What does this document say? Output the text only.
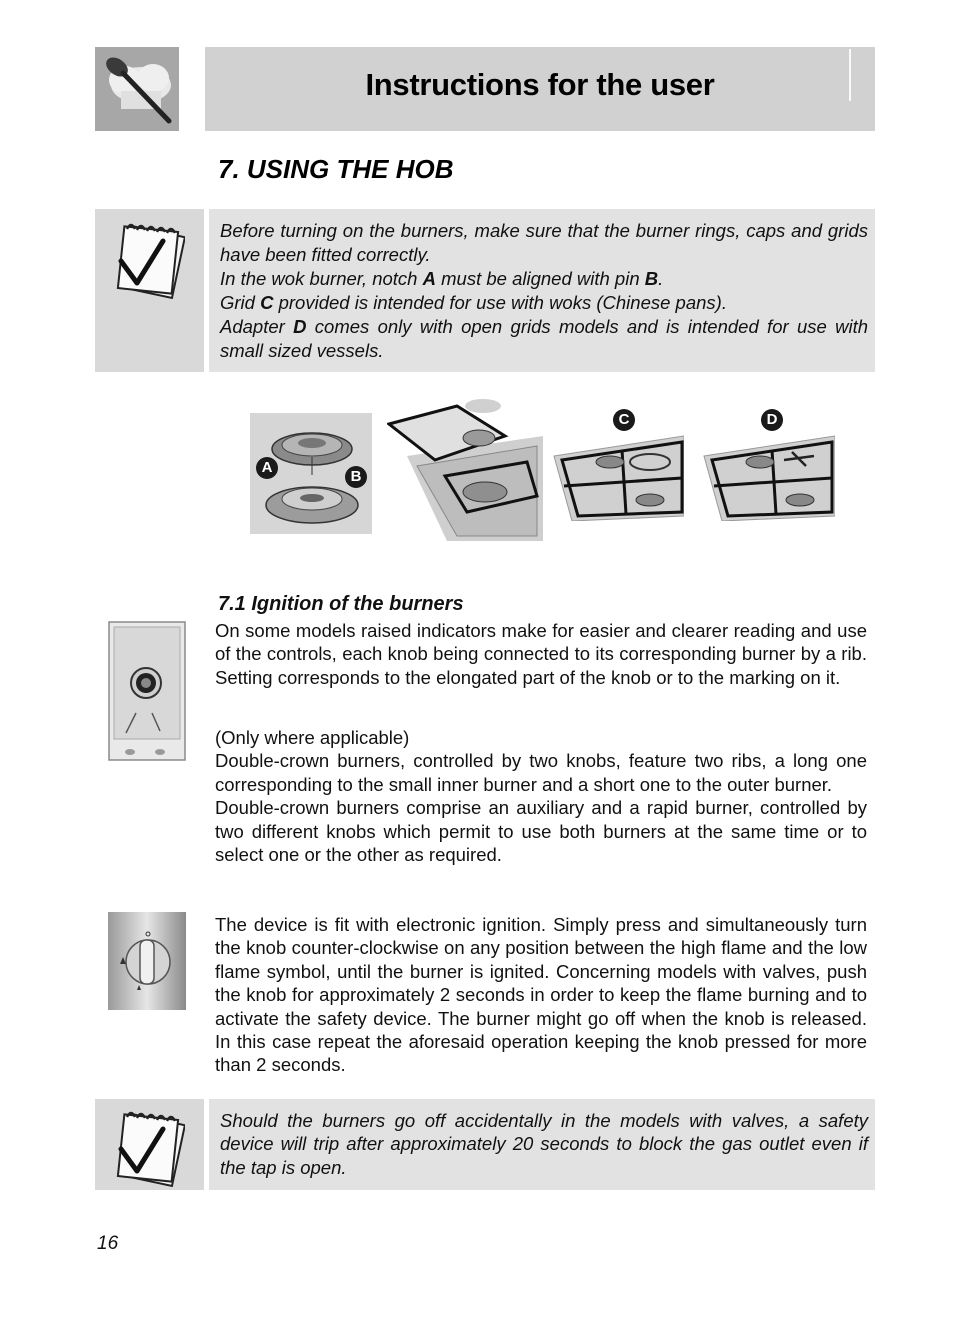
Instructions for the user
7. USING THE HOB

Before turning on the burners, make sure that the burner rings, caps and grids have been fitted correctly.

In the wok burner, notch A must be aligned with pin B.

Grid C provided is intended for use with woks (Chinese pans).

Adapter D comes only with open grids models and is intended for use with small sized vessels.

A
B
C	D
7.1 Ignition of the burners

On some models raised indicators make for easier and clearer reading and use of the controls, each knob being connected to its corresponding burner by a rib. Setting corresponds to the elongated part of the knob or to the marking on it.

(Only where applicable)

Double-crown burners, controlled by two knobs, feature two ribs, a long one corresponding to the small inner burner and a short one to the outer burner.

Double-crown burners comprise an auxiliary and a rapid burner, controlled by two different knobs which permit to use both burners at the same time or to select one or the other as required.

The device is fit with electronic ignition. Simply press and simultaneously turn the knob counter-clockwise on any position between the high flame and the low flame symbol, until the burner is ignited. Concerning models with valves, push the knob for approximately 2 seconds in order to keep the flame burning and to activate the safety device. The burner might go off when the knob is released. In this case repeat the aforesaid operation keeping the knob pressed for more than 2 seconds.

Should the burners go off accidentally in the models with valves, a safety device will trip after approximately 20 seconds to block the gas outlet even if the tap is open.

16
